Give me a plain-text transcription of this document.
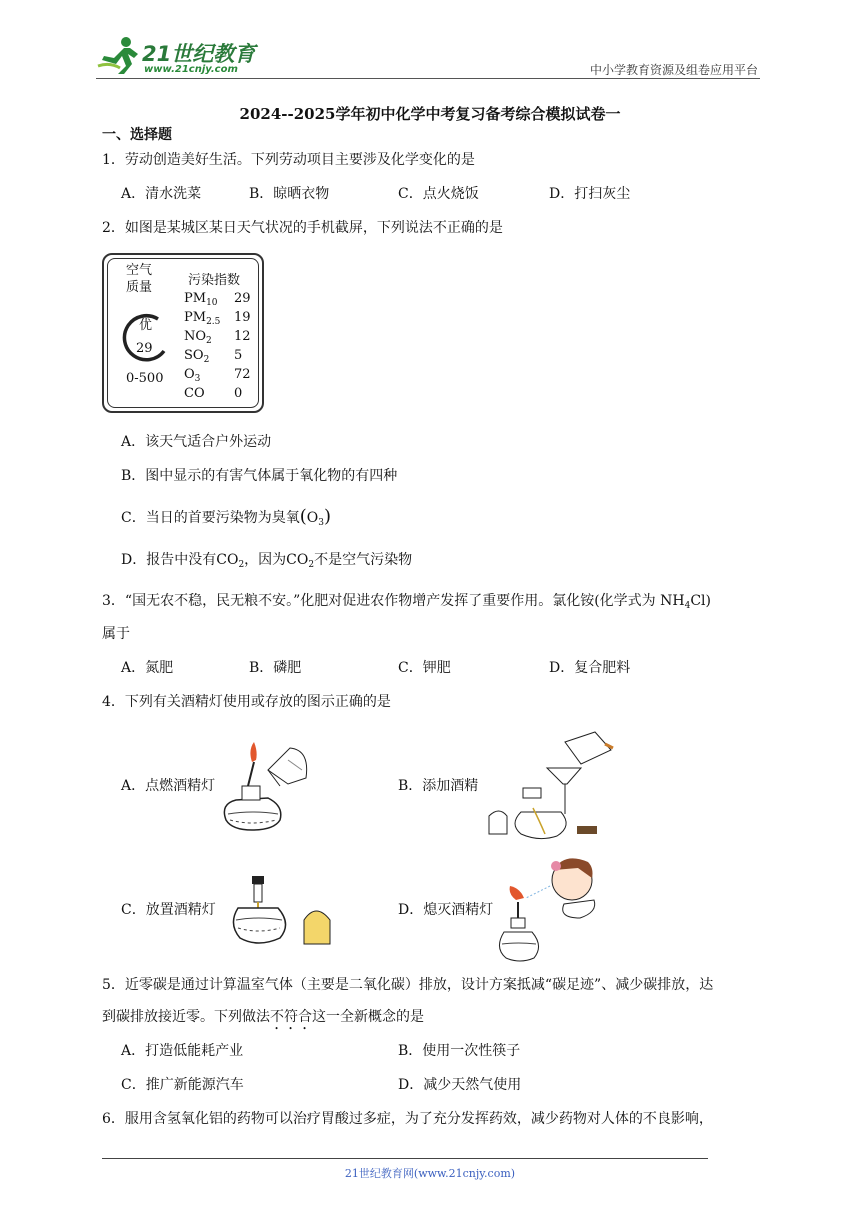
21世纪教育
www.21cnjy.com	中小学教育资源及组卷应用平台
2024--2025学年初中化学中考复习备考综合模拟试卷一
一、选择题
1．劳动创造美好生活。下列劳动项目主要涉及化学变化的是
A．清水洗菜	B．晾晒衣物	C．点火烧饭	D．打扫灰尘
2．如图是某城区某日天气状况的手机截屏，下列说法不正确的是
空气
质量
优
29
0-500
污染指数
$PM_{10}$ 29
$PM_{2.5}$ 19
$NO_2$ 12
$SO_2$ 5
$O_3$	72
CO 0
A．该天气适合户外运动
B．图中显示的有害气体属于氧化物的有四种
C．当日的首要污染物为臭氧$(O_3)$
D．报告中没有$CO_2$，因为$CO_2$不是空气污染物
3．“国无农不稳，民无粮不安。”化肥对促进农作物增产发挥了重要作用。氯化铵(化学式为 $NH_4Cl$)
属于
A．氮肥	B．磷肥	C．钾肥	D．复合肥料
4．下列有关酒精灯使用或存放的图示正确的是
A．点燃酒精灯	B．添加酒精
C．放置酒精灯	D．熄灭酒精灯
5．近零碳是通过计算温室气体（主要是二氧化碳）排放，设计方案抵减“碳足迹”、减少碳排放，达
到碳排放接近零。下列做法不符合这一全新概念的是
A．打造低能耗产业	B．使用一次性筷子
C．推广新能源汽车	D．减少天然气使用
6．服用含氢氧化铝的药物可以治疗胃酸过多症，为了充分发挥药效，减少药物对人体的不良影响，
21世纪教育网(www.21cnjy.com)
